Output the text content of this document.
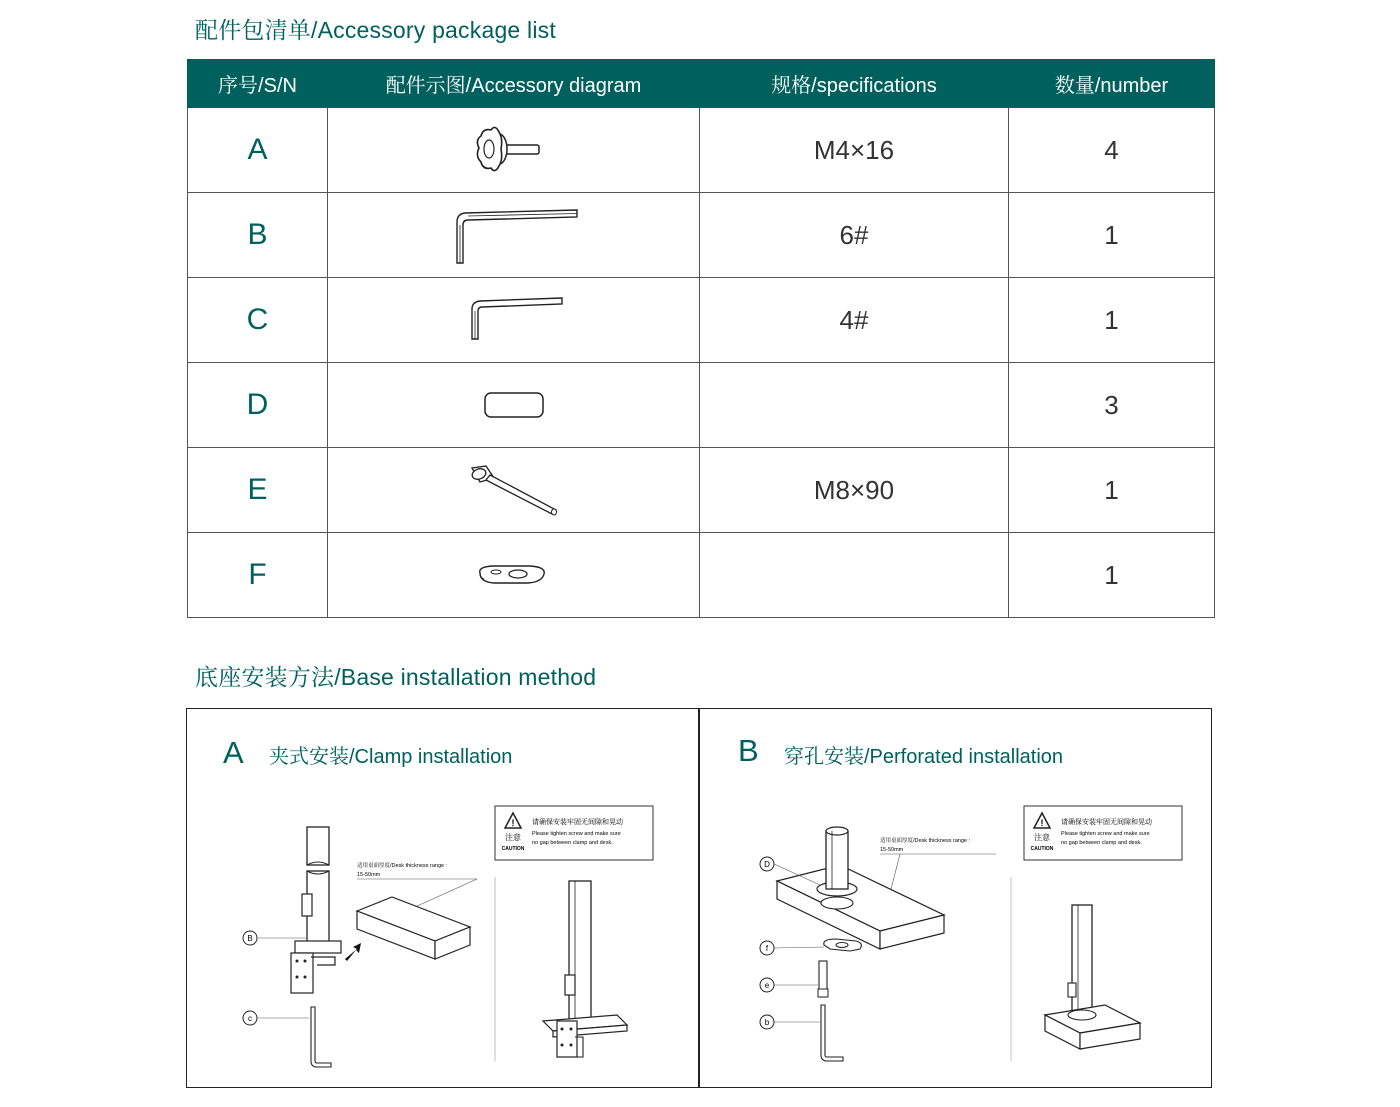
配件包清单/Accessory package list
序号/S/N	配件示图/Accessory diagram	规格/specifications	数量/number
A		M4×16	4
B		6#	1
C		4#	1
D			3
E		M8×90	1
F			1
底座安装方法/Base installation method
A 夹式安装/Clamp installation
!
注意
CAUTION
请确保安装牢固无间隙和晃动
Please tighten screw and make sure
no gap between clamp and desk.
适用桌面厚度/Desk thickness range :
15-50mm
B
c
B 穿孔安装/Perforated installation
!
注意
CAUTION
请确保安装牢固无间隙和晃动
Please tighten screw and make sure
no gap between clamp and desk.
适用桌面厚度/Desk thickness range :
15-50mm
D
f
e
b
